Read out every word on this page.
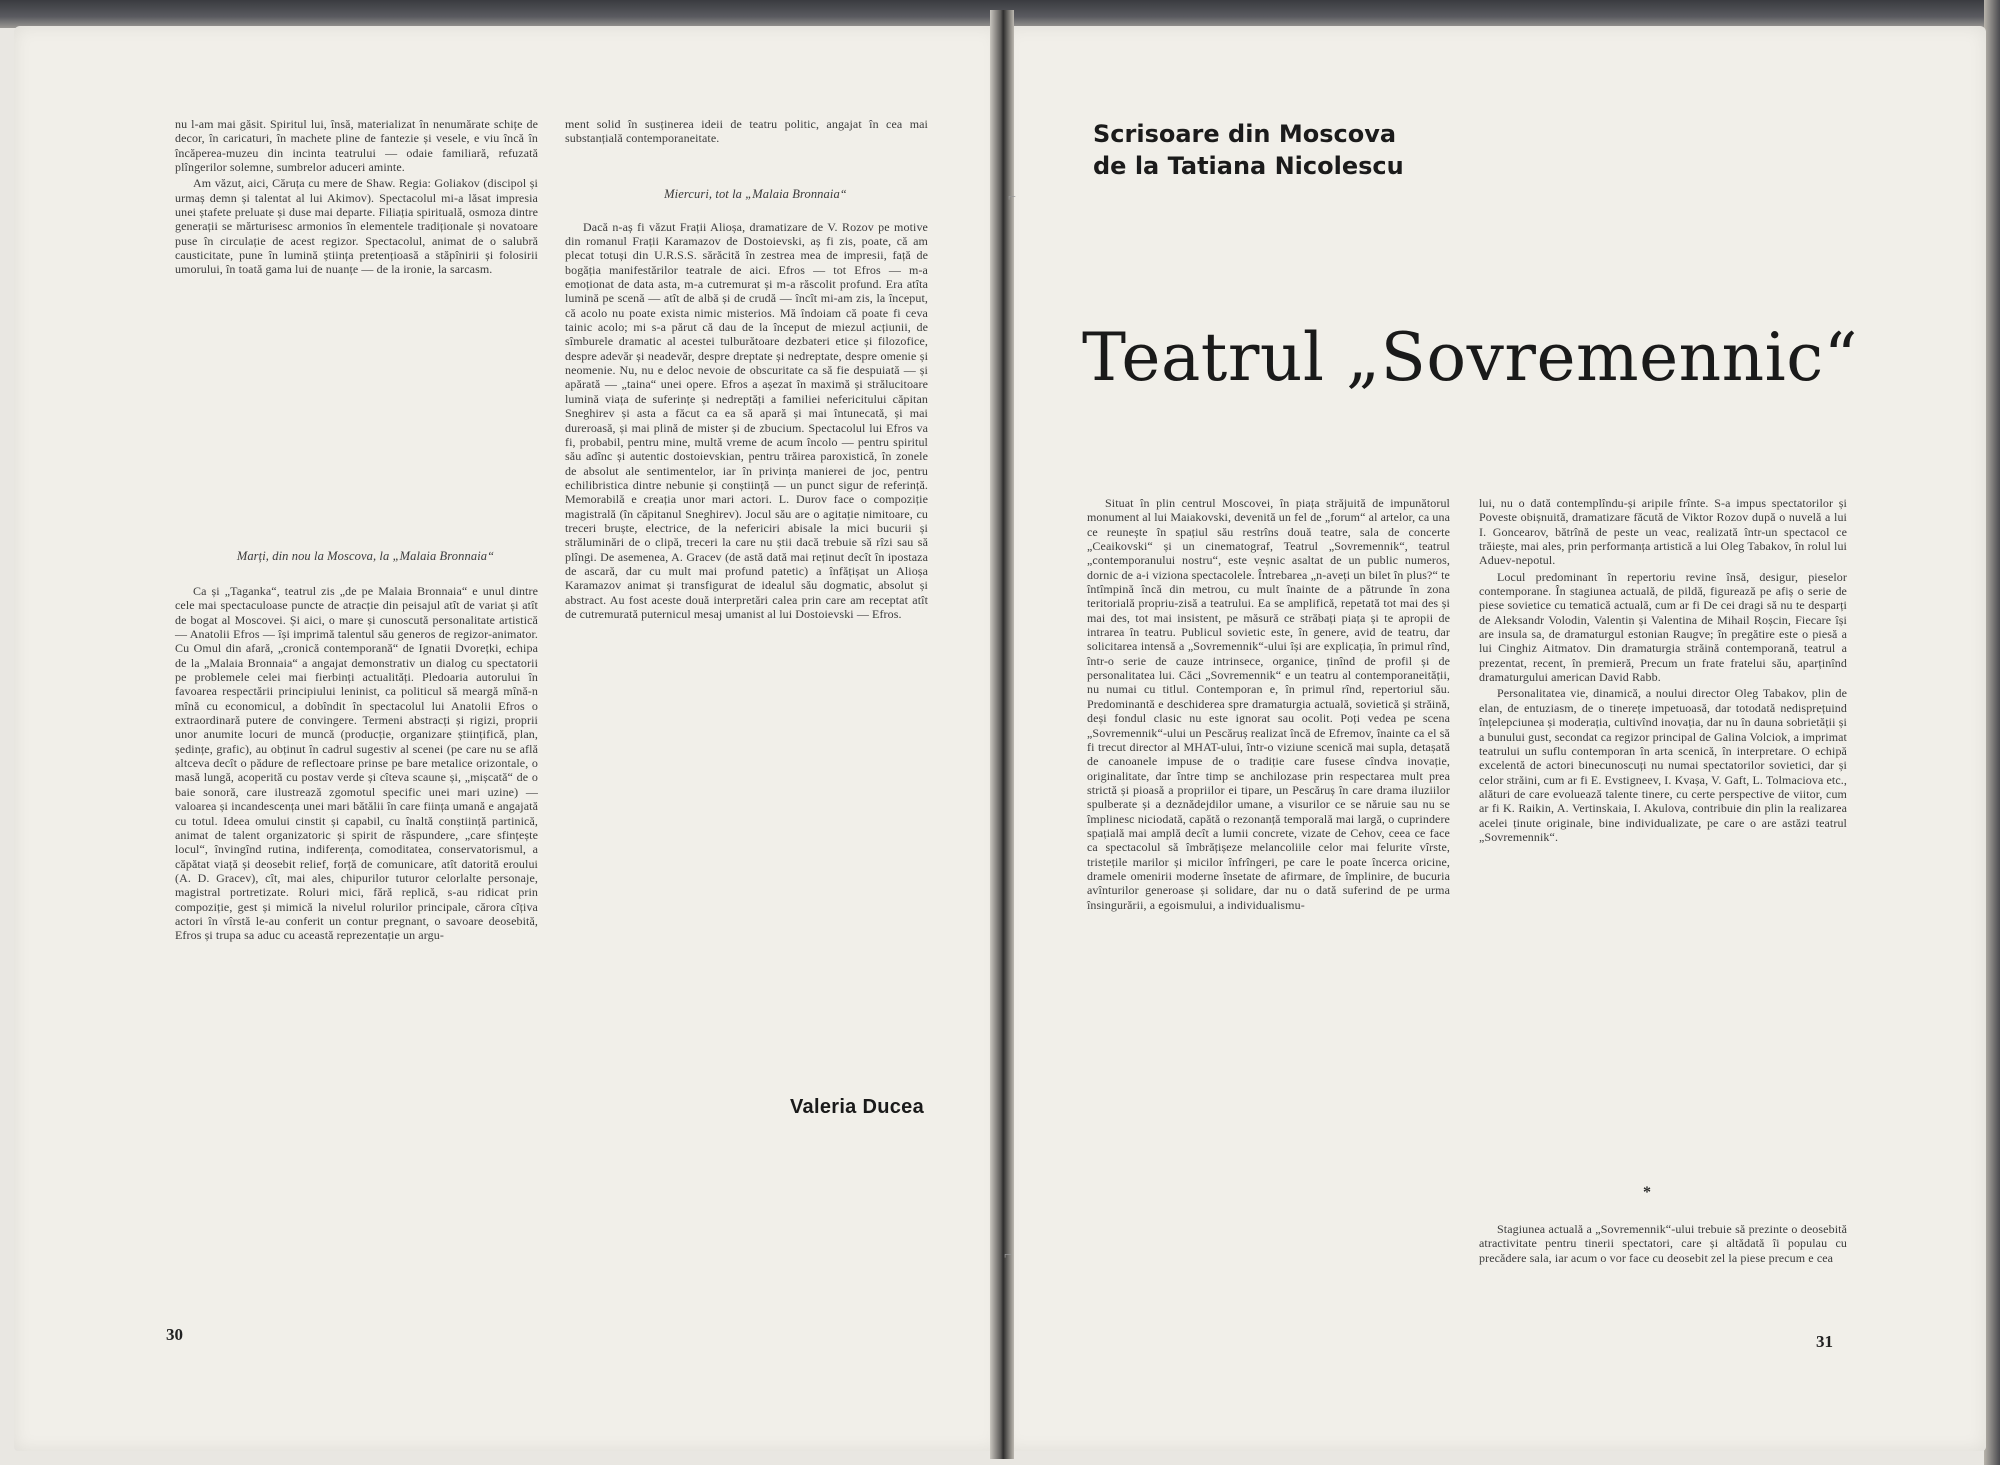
nu l-am mai găsit. Spiritul lui, însă, materializat în nenumărate schițe de decor, în caricaturi, în machete pline de fantezie și vesele, e viu încă în încăperea-muzeu din incinta teatrului — odaie familiară, refuzată plîngerilor solemne, sumbrelor aduceri aminte.

Am văzut, aici, Căruța cu mere de Shaw. Regia: Goliakov (discipol și urmaș demn și talentat al lui Akimov). Spectacolul mi-a lăsat impresia unei ștafete preluate și duse mai departe. Filiația spirituală, osmoza dintre generații se mărturisesc armonios în elementele tradiționale și novatoare puse în circulație de acest regizor. Spectacolul, animat de o salubră causticitate, pune în lumină știința pretențioasă a stăpînirii și folosirii umorului, în toată gama lui de nuanțe — de la ironie, la sarcasm.

Marți, din nou la Moscova, la „Malaia Bronnaia“

Ca și „Taganka“, teatrul zis „de pe Malaia Bronnaia“ e unul dintre cele mai spectaculoase puncte de atracție din peisajul atît de variat și atît de bogat al Moscovei. Și aici, o mare și cunoscută personalitate artistică — Anatolii Efros — își imprimă talentul său generos de regizor-animator. Cu Omul din afară, „cronică contemporană“ de Ignatii Dvorețki, echipa de la „Malaia Bronnaia“ a angajat demonstrativ un dialog cu spectatorii pe problemele celei mai fierbinți actualități. Pledoaria autorului în favoarea respectării principiului leninist, ca politicul să meargă mînă-n mînă cu economicul, a dobîndit în spectacolul lui Anatolii Efros o extraordinară putere de convingere. Termeni abstracți și rigizi, proprii unor anumite locuri de muncă (producție, organizare științifică, plan, ședințe, grafic), au obținut în cadrul sugestiv al scenei (pe care nu se află altceva decît o pădure de reflectoare prinse pe bare metalice orizontale, o masă lungă, acoperită cu postav verde și cîteva scaune și, „mișcată“ de o baie sonoră, care ilustrează zgomotul specific unei mari uzine) — valoarea și incandescența unei mari bătălii în care ființa umană e angajată cu totul. Ideea omului cinstit și capabil, cu înaltă conștiință partinică, animat de talent organizatoric și spirit de răspundere, „care sfințește locul“, învingînd rutina, indiferența, comoditatea, conservatorismul, a căpătat viață și deosebit relief, forță de comunicare, atît datorită eroului (A. D. Gracev), cît, mai ales, chipurilor tuturor celorlalte personaje, magistral portretizate. Roluri mici, fără replică, s-au ridicat prin compoziție, gest și mimică la nivelul rolurilor principale, cărora cîțiva actori în vîrstă le-au conferit un contur pregnant, o savoare deosebită, Efros și trupa sa aduc cu această reprezentație un argu-

ment solid în susținerea ideii de teatru politic, angajat în cea mai substanțială contemporaneitate.

Miercuri, tot la „Malaia Bronnaia“

Dacă n-aș fi văzut Frații Alioșa, dramatizare de V. Rozov pe motive din romanul Frații Karamazov de Dostoievski, aș fi zis, poate, că am plecat totuși din U.R.S.S. sărăcită în zestrea mea de impresii, față de bogăția manifestărilor teatrale de aici. Efros — tot Efros — m-a emoționat de data asta, m-a cutremurat și m-a răscolit profund. Era atîta lumină pe scenă — atît de albă și de crudă — încît mi-am zis, la început, că acolo nu poate exista nimic misterios. Mă îndoiam că poate fi ceva tainic acolo; mi s-a părut că dau de la început de miezul acțiunii, de sîmburele dramatic al acestei tulburătoare dezbateri etice și filozofice, despre adevăr și neadevăr, despre dreptate și nedreptate, despre omenie și neomenie. Nu, nu e deloc nevoie de obscuritate ca să fie despuiată — și apărată — „taina“ unei opere. Efros a așezat în maximă și strălucitoare lumină viața de suferințe și nedreptăți a familiei nefericitului căpitan Sneghirev și asta a făcut ca ea să apară și mai întunecată, și mai dureroasă, și mai plină de mister și de zbucium. Spectacolul lui Efros va fi, probabil, pentru mine, multă vreme de acum încolo — pentru spiritul său adînc și autentic dostoievskian, pentru trăirea paroxistică, în zonele de absolut ale sentimentelor, iar în privința manierei de joc, pentru echilibristica dintre nebunie și conștiință — un punct sigur de referință. Memorabilă e creația unor mari actori. L. Durov face o compoziție magistrală (în căpitanul Sneghirev). Jocul său are o agitație nimitoare, cu treceri bruște, electrice, de la nefericiri abisale la mici bucurii și străluminări de o clipă, treceri la care nu știi dacă trebuie să rîzi sau să plîngi. De asemenea, A. Gracev (de astă dată mai reținut decît în ipostaza de ascară, dar cu mult mai profund patetic) a înfățișat un Alioșa Karamazov animat și transfigurat de idealul său dogmatic, absolut și abstract. Au fost aceste două interpretări calea prin care am receptat atît de cutremurată puternicul mesaj umanist al lui Dostoievski — Efros.

Valeria Ducea
30
⌐
⌐
Scrisoare din Moscova
de la Tatiana Nicolescu
Teatrul „Sovremennic“

Situat în plin centrul Moscovei, în piața străjuită de impunătorul monument al lui Maiakovski, devenită un fel de „forum“ al artelor, ca una ce reunește în spațiul său restrîns două teatre, sala de concerte „Ceaikovski“ și un cinematograf, Teatrul „Sovremennik“, teatrul „contemporanului nostru“, este veșnic asaltat de un public numeros, dornic de a-i viziona spectacolele. Întrebarea „n-aveți un bilet în plus?“ te întîmpină încă din metrou, cu mult înainte de a pătrunde în zona teritorială propriu-zisă a teatrului. Ea se amplifică, repetată tot mai des și mai des, tot mai insistent, pe măsură ce străbați piața și te apropii de intrarea în teatru. Publicul sovietic este, în genere, avid de teatru, dar solicitarea intensă a „Sovremennik“-ului își are explicația, în primul rînd, într-o serie de cauze intrinsece, organice, ținînd de profil și de personalitatea lui. Căci „Sovremennik“ e un teatru al contemporaneității, nu numai cu titlul. Contemporan e, în primul rînd, repertoriul său. Predominantă e deschiderea spre dramaturgia actuală, sovietică și străină, deși fondul clasic nu este ignorat sau ocolit. Poți vedea pe scena „Sovremennik“-ului un Pescăruș realizat încă de Efremov, înainte ca el să fi trecut director al MHAT-ului, într-o viziune scenică mai supla, detașată de canoanele impuse de o tradiție care fusese cîndva inovație, originalitate, dar între timp se anchilozase prin respectarea mult prea strictă și pioasă a propriilor ei tipare, un Pescăruș în care drama iluziilor spulberate și a deznădejdilor umane, a visurilor ce se năruie sau nu se împlinesc niciodată, capătă o rezonanță temporală mai largă, o cuprindere spațială mai amplă decît a lumii concrete, vizate de Cehov, ceea ce face ca spectacolul să îmbrățișeze melancoliile celor mai felurite vîrste, tristețile marilor și micilor înfrîngeri, pe care le poate încerca oricine, dramele omenirii moderne însetate de afirmare, de împlinire, de bucuria avînturilor generoase și solidare, dar nu o dată suferind de pe urma însingurării, a egoismului, a individualismu-

lui, nu o dată contemplîndu-și aripile frînte. S-a impus spectatorilor și Poveste obișnuită, dramatizare făcută de Viktor Rozov după o nuvelă a lui I. Goncearov, bătrînă de peste un veac, realizată într-un spectacol ce trăiește, mai ales, prin performanța artistică a lui Oleg Tabakov, în rolul lui Aduev-nepotul.

Locul predominant în repertoriu revine însă, desigur, pieselor contemporane. În stagiunea actuală, de pildă, figurează pe afiș o serie de piese sovietice cu tematică actuală, cum ar fi De cei dragi să nu te desparți de Aleksandr Volodin, Valentin și Valentina de Mihail Roșcin, Fiecare își are insula sa, de dramaturgul estonian Raugve; în pregătire este o piesă a lui Cinghiz Aitmatov. Din dramaturgia străină contemporană, teatrul a prezentat, recent, în premieră, Precum un frate fratelui său, aparținînd dramaturgului american David Rabb.

Personalitatea vie, dinamică, a noului director Oleg Tabakov, plin de elan, de entuziasm, de o tinerețe impetuoasă, dar totodată nedisprețuind înțelepciunea și moderația, cultivînd inovația, dar nu în dauna sobrietății și a bunului gust, secondat ca regizor principal de Galina Volciok, a imprimat teatrului un suflu contemporan în arta scenică, în interpretare. O echipă excelentă de actori binecunoscuți nu numai spectatorilor sovietici, dar și celor străini, cum ar fi E. Evstigneev, I. Kvașa, V. Gaft, L. Tolmaciova etc., alături de care evoluează talente tinere, cu certe perspective de viitor, cum ar fi K. Raikin, A. Vertinskaia, I. Akulova, contribuie din plin la realizarea acelei ținute originale, bine individualizate, pe care o are astăzi teatrul „Sovremennik“.

*

Stagiunea actuală a „Sovremennik“-ului trebuie să prezinte o deosebită atractivitate pentru tinerii spectatori, care și altădată îi populau cu precădere sala, iar acum o vor face cu deosebit zel la piese precum e cea

31
